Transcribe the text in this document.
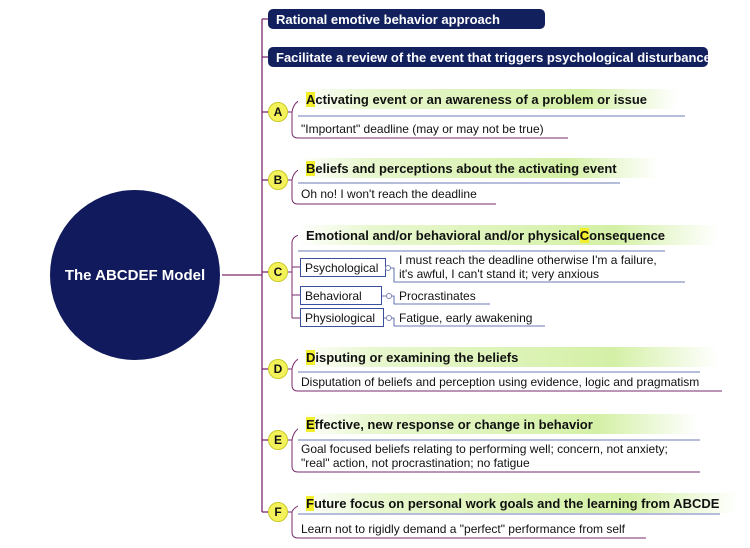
The ABCDEF Model
Rational emotive behavior approach
Facilitate a review of the event that triggers psychological disturbance
A
B
C
D
E
F
A ctivating event or an awareness of a problem or issue
"Important" deadline (may or may not be true)
B eliefs and perceptions about the activating event
Oh no! I won't reach the deadline
Emotional and/or behavioral and/or physical C onsequence
Psychological
I must reach the deadline otherwise I'm a failure,
it's awful, I can't stand it; very anxious
Behavioral	Procrastinates
Physiological	Fatigue, early awakening
D isputing or examining the beliefs
Disputation of beliefs and perception using evidence, logic and pragmatism
E ffective, new response or change in behavior
Goal focused beliefs relating to performing well; concern, not anxiety;
"real" action, not procrastination; no fatigue
F uture focus on personal work goals and the learning from ABCDE
Learn not to rigidly demand a "perfect" performance from self
